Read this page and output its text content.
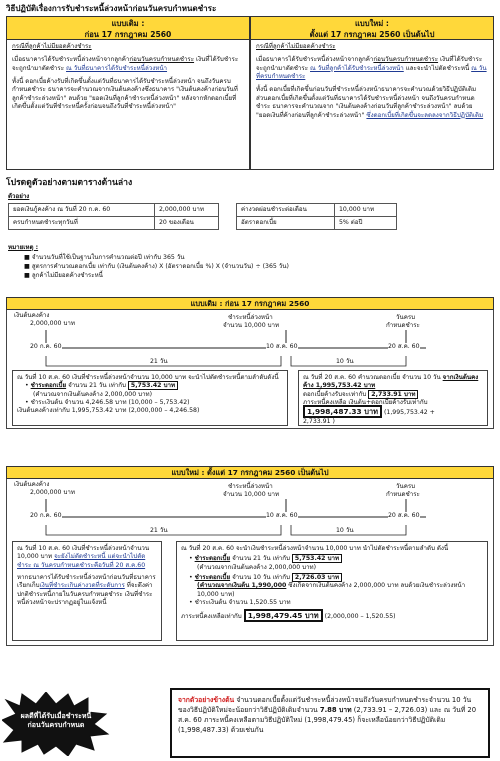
วิธีปฏิบัติเรื่องการรับชำระหนี้ล่วงหน้าก่อนวันครบกำหนดชำระ
แบบเดิม :
ก่อน 17 กรกฎาคม 2560
แบบใหม่ :
ตั้งแต่ 17 กรกฎาคม 2560 เป็นต้นไป

กรณีที่ลูกค้าไม่มียอดค้างชำระ

เมื่อธนาคารได้รับชำระหนี้ล่วงหน้าจากลูกค้าก่อนวันครบกำหนดชำระ เงินที่ได้รับชำระจะถูกนำมาตัดชำระ ณ วันที่ธนาคารได้รับชำระหนี้ล่วงหน้า

ทั้งนี้ ดอกเบี้ยค้างรับที่เกิดขึ้นตั้งแต่วันที่ธนาคารได้รับชำระหนี้ล่วงหน้า จนถึงวันครบกำหนดชำระ ธนาคารจะคำนวณจากเงินต้นคงค้างซึ่งธนาคาร "เงินต้นคงค้างก่อนวันที่ลูกค้าชำระล่วงหน้า" ลบด้วย "ยอดเงินที่ลูกค้าชำระหนี้ล่วงหน้า" หลังจากหักดอกเบี้ยที่เกิดขึ้นตั้งแต่วันที่ชำระหนี้ครั้งก่อนจนถึงวันที่ชำระหนี้ล่วงหน้า"

กรณีที่ลูกค้าไม่มียอดค้างชำระ

เมื่อธนาคารได้รับชำระหนี้ล่วงหน้าจากลูกค้าก่อนวันครบกำหนดชำระ เงินที่ได้รับชำระจะถูกนำมาตัดชำระ ณ วันที่ลูกค้าได้รับชำระหนี้ล่วงหน้า และจะนำไปตัดชำระหนี้ ณ วันที่ครบกำหนดชำระ

ทั้งนี้ ดอกเบี้ยที่เกิดขึ้นก่อนวันที่ชำระหนี้ล่วงหน้าธนาคารจะคำนวณด้วยวิธีปฏิบัติเดิม ส่วนดอกเบี้ยที่เกิดขึ้นตั้งแต่วันที่ธนาคารได้รับชำระหนี้ล่วงหน้า จนถึงวันครบกำหนดชำระ ธนาคารจะคำนวณจาก "เงินต้นคงค้างก่อนวันที่ลูกค้าชำระล่วงหน้า" ลบด้วย "ยอดเงินที่ค้างก่อนที่ลูกค้าชำระล่วงหน้า" ซึ่งดอกเบี้ยที่เกิดขึ้นจะลดลงจากวิธีปฏิบัติเดิม

โปรดดูตัวอย่างตามตารางด้านล่าง
ตัวอย่าง
ยอดเงินกู้คงค้าง ณ วันที่ 20 ก.ค. 60	2,000,000 บาท
ครบกำหนดชำระทุกวันที่	20 ของเดือน
ค่างวดผ่อนชำระต่อเดือน	10,000 บาท
อัตราดอกเบี้ย	5% ต่อปี
หมายเหตุ :
■ จำนวนวันที่ใช้เป็นฐานในการคำนวณต่อปี เท่ากับ 365 วัน
■ สูตรการคำนวณดอกเบี้ย เท่ากับ (เงินต้นคงค้าง) X (อัตราดอกเบี้ย %) X (จำนวนวัน) ÷ (365 วัน)
■ ลูกค้าไม่มียอดค้างชำระหนี้
แบบเดิม : ก่อน 17 กรกฎาคม 2560
เงินต้นคงค้าง
2,000,000 บาท
ชำระหนี้ล่วงหน้า
จำนวน 10,000 บาท
วันครบ
กำหนดชำระ
20 ก.ค. 60	10 ส.ค. 60	20 ส.ค. 60
21 วัน	10 วัน
ณ วันที่ 10 ส.ค. 60 เงินที่ชำระหนี้ล่วงหน้าจำนวน 10,000 บาท จะนำไปตัดชำระหนี้ตามลำดับดังนี้
• ชำระดอกเบี้ย จำนวน 21 วัน เท่ากับ 5,753.42 บาท
(คำนวณจากเงินต้นคงค้าง 2,000,000 บาท)
• ชำระเงินต้น จำนวน 4,246.58 บาท (10,000 – 5,753.42)
เงินต้นคงค้างเท่ากับ 1,995,753.42 บาท (2,000,000 – 4,246.58)
ณ วันที่ 20 ส.ค. 60 คำนวณดอกเบี้ย จำนวน 10 วัน จากเงินต้นคงค้าง 1,995,753.42 บาท
ดอกเบี้ยค้างรับจะเท่ากับ 2,733.91 บาท
ภาระหนี้คงเหลือ เงินต้น+ดอกเบี้ยค้างรับเท่ากับ
1,998,487.33 บาท (1,995,753.42 +
2,733.91 )
แบบใหม่ : ตั้งแต่ 17 กรกฎาคม 2560 เป็นต้นไป
เงินต้นคงค้าง
2,000,000 บาท
ชำระหนี้ล่วงหน้า
จำนวน 10,000 บาท
วันครบ
กำหนดชำระ
20 ก.ค. 60	10 ส.ค. 60	20 ส.ค. 60
21 วัน	10 วัน

ณ วันที่ 10 ส.ค. 60 เงินที่ชำระหนี้ล่วงหน้าจำนวน 10,000 บาท จะยังไม่ตัดชำระหนี้ แต่จะนำไปตัดชำระ ณ วันครบกำหนดชำระคือวันที่ 20 ส.ค.60

หากธนาคารได้รับชำระหนี้ล่วงหน้าก่อนวันที่ธนาคารเรียกเก็บเงินที่ชำระเกินค่างวดที่ระดับการ ที่จะดึงค่าปกติชำระหนี้ภายในวันครบกำหนดชำระ เงินที่ชำระหนี้ล่วงหน้าจะปรากฏอยู่ในแจ้งหนี้

ณ วันที่ 20 ส.ค. 60 จะนำเงินชำระหนี้ล่วงหน้าจำนวน 10,000 บาท นำไปตัดชำระหนี้ตามลำดับ ดังนี้
• ชำระดอกเบี้ย จำนวน 21 วัน เท่ากับ 5,753.42 บาท
(คำนวณจากเงินต้นคงค้าง 2,000,000 บาท)
• ชำระดอกเบี้ย จำนวน 10 วัน เท่ากับ 2,726.03 บาท
(คำนวณจากเงินต้น 1,990,000 ซึ่งเกิดจากเงินต้นคงค้าง 2,000,000 บาท ลบด้วยเงินชำระล่วงหน้า 10,000 บาท)
• ชำระเงินต้น จำนวน 1,520.55 บาท
ภาระหนี้คงเหลือเท่ากับ 1,998,479.45 บาท (2,000,000 – 1,520.55)
ผลดีที่ได้รับเมื่อชำระหนี้ก่อนวันครบกำหนด
จากตัวอย่างข้างต้น จำนวนดอกเบี้ยตั้งแต่วันชำระหนี้ล่วงหน้าจนถึงวันครบกำหนดชำระจำนวน 10 วัน ของวิธีปฏิบัติใหม่จะน้อยกว่าวิธีปฏิบัติเดิมจำนวน 7.88 บาท (2,733.91 – 2,726.03) และ ณ วันที่ 20 ส.ค. 60 ภาระหนี้คงเหลือตามวิธีปฏิบัติใหม่ (1,998,479.45) ก็จะเหลือน้อยกว่าวิธีปฏิบัติเดิม (1,998,487.33) ด้วยเช่นกัน
